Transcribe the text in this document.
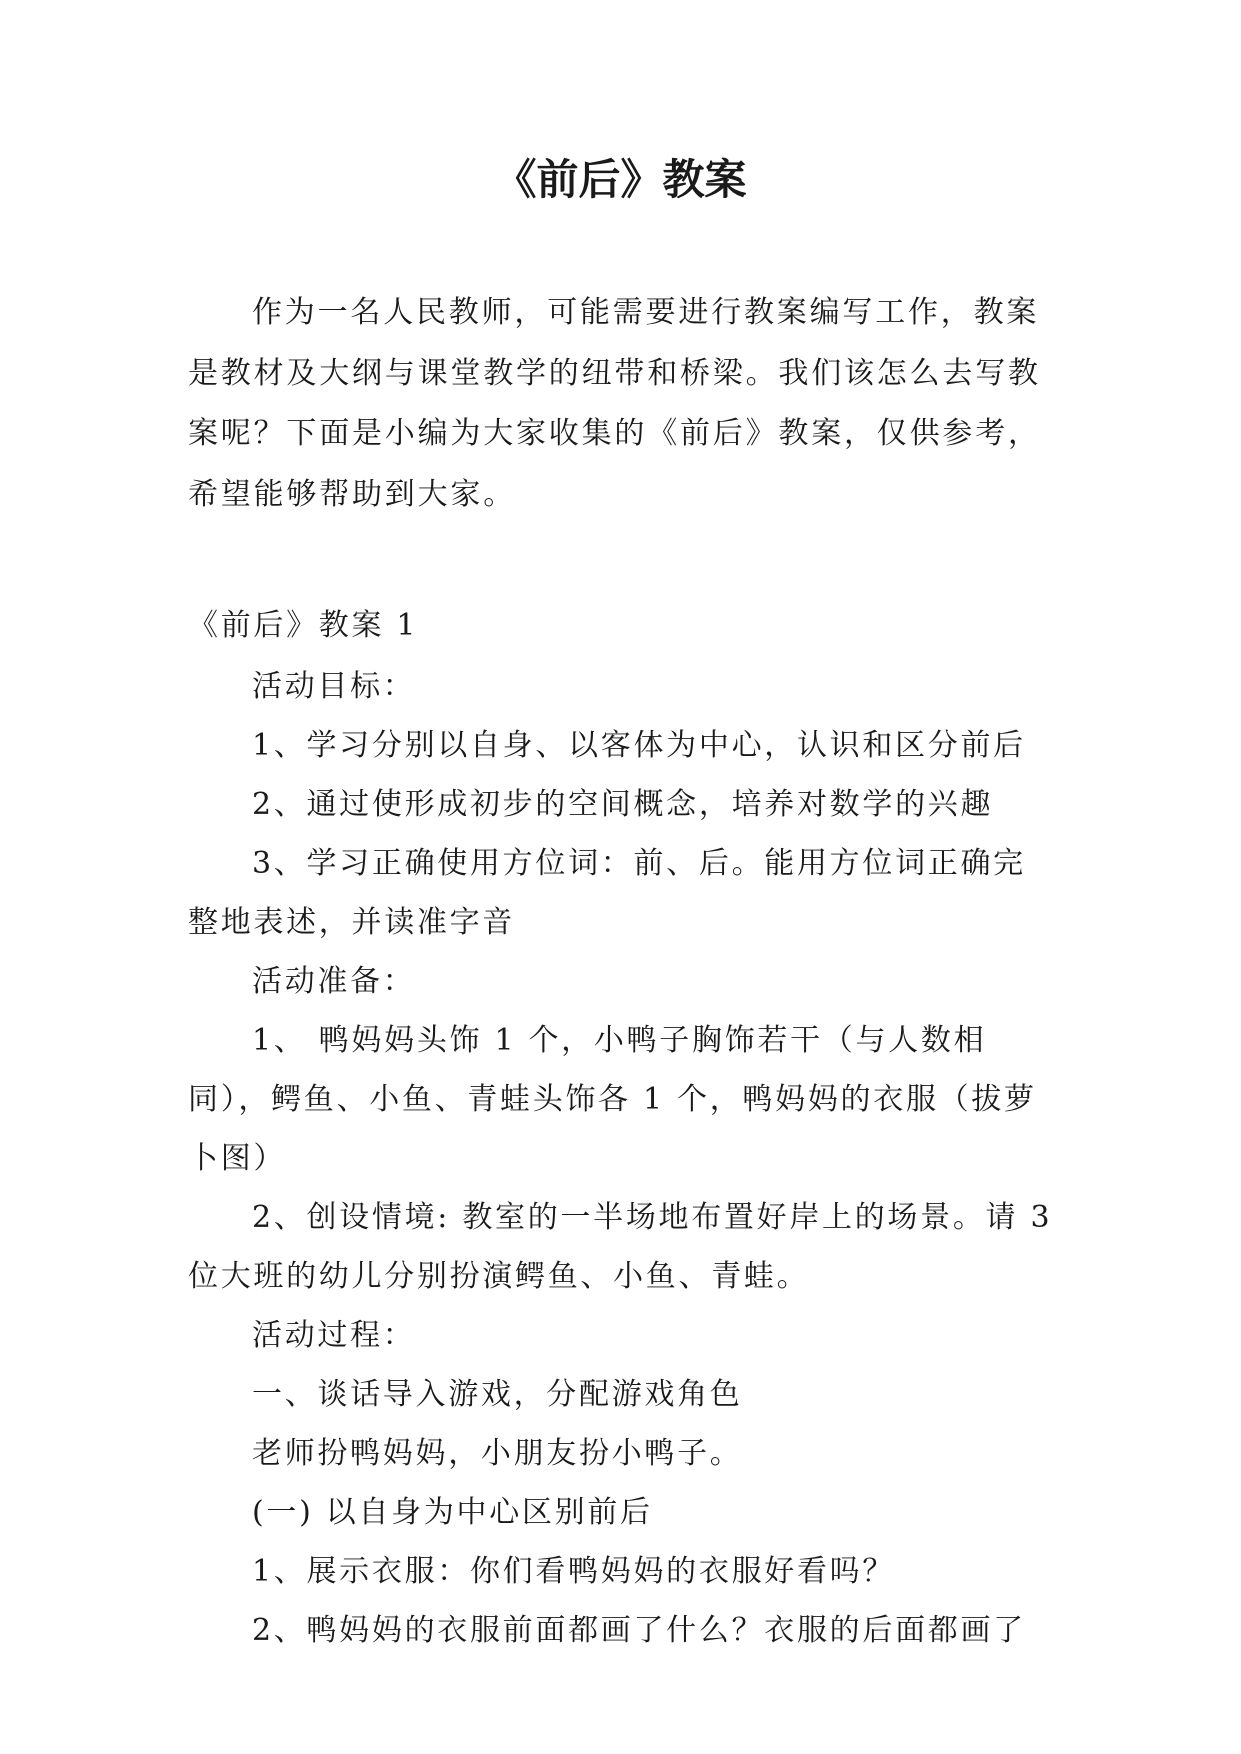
《前后》教案

作为一名人民教师，可能需要进行教案编写工作，教案是教材及大纲与课堂教学的纽带和桥梁。我们该怎么去写教案呢？下面是小编为大家收集的《前后》教案，仅供参考，希望能够帮助到大家。

《前后》教案 1

活动目标：

1、学习分别以自身、以客体为中心，认识和区分前后

2、通过使形成初步的空间概念，培养对数学的兴趣

3、学习正确使用方位词：前、后。能用方位词正确完整地表述，并读准字音

活动准备：

1、 鸭妈妈头饰 1 个，小鸭子胸饰若干（与人数相同），鳄鱼、小鱼、青蛙头饰各 1 个，鸭妈妈的衣服（拔萝卜图）

2、创设情境: 教室的一半场地布置好岸上的场景。请 3 位大班的幼儿分别扮演鳄鱼、小鱼、青蛙。

活动过程：

一、谈话导入游戏，分配游戏角色

老师扮鸭妈妈，小朋友扮小鸭子。

(一) 以自身为中心区别前后

1、展示衣服：你们看鸭妈妈的衣服好看吗？

2、鸭妈妈的衣服前面都画了什么？衣服的后面都画了
